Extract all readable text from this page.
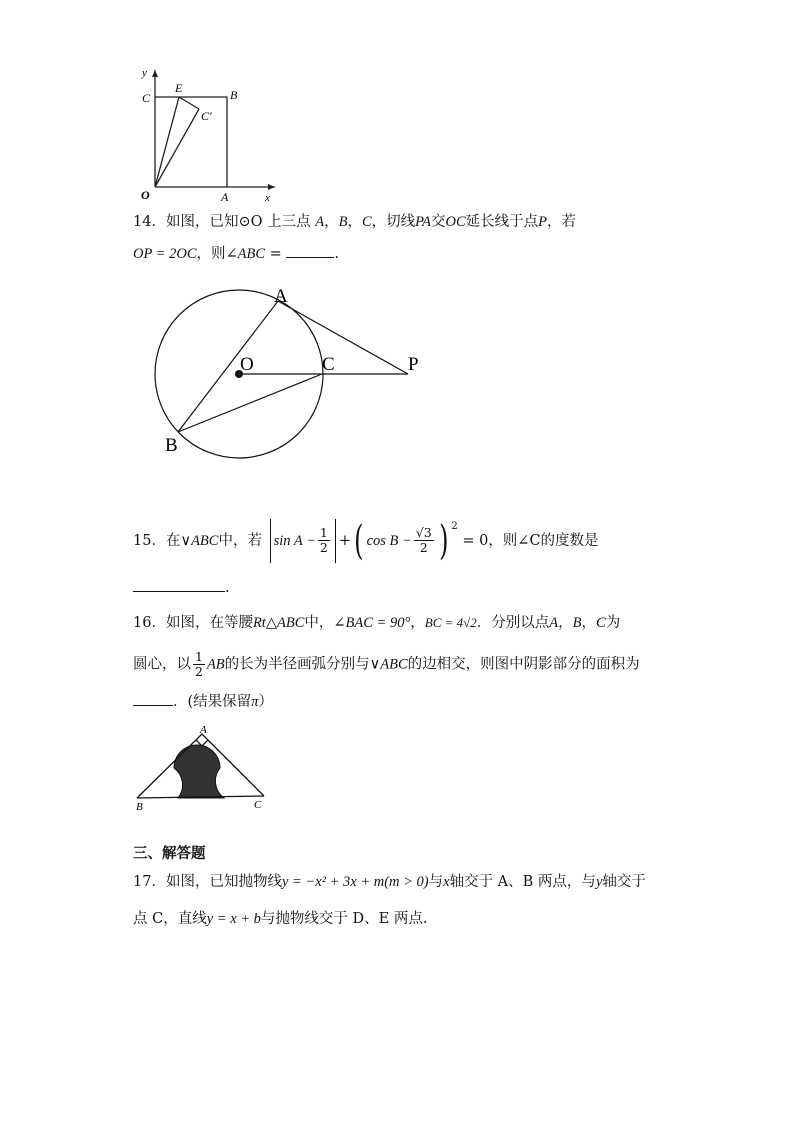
y
x
C
E	B
C′
O	A
14．如图，已知⊙O 上三点 A，B，C，切线PA交OC延长线于点P，若
OP = 2OC，则∠ABC =	.
A
O	C	P
B
15．在∨ABC中，若 $\sin A - \frac{1}{2}$ +( $\cos B - \frac{√3}{2}$ ) $^2$ = 0，则∠C的度数是
.
16．如图，在等腰Rt△ABC中，∠BAC = 90°，BC = 4√2．分别以点A，B，C为
圆心，以 $\frac{1}{2}$ AB的长为半径画弧分别与∨ABC的边相交，则图中阴影部分的面积为
．(结果保留π）
A
B	C
三、解答题
17．如图，已知抛物线y = −x² + 3x + m(m > 0)与x轴交于 A、B 两点，与y轴交于
点 C，直线y = x + b与抛物线交于 D、E 两点.
